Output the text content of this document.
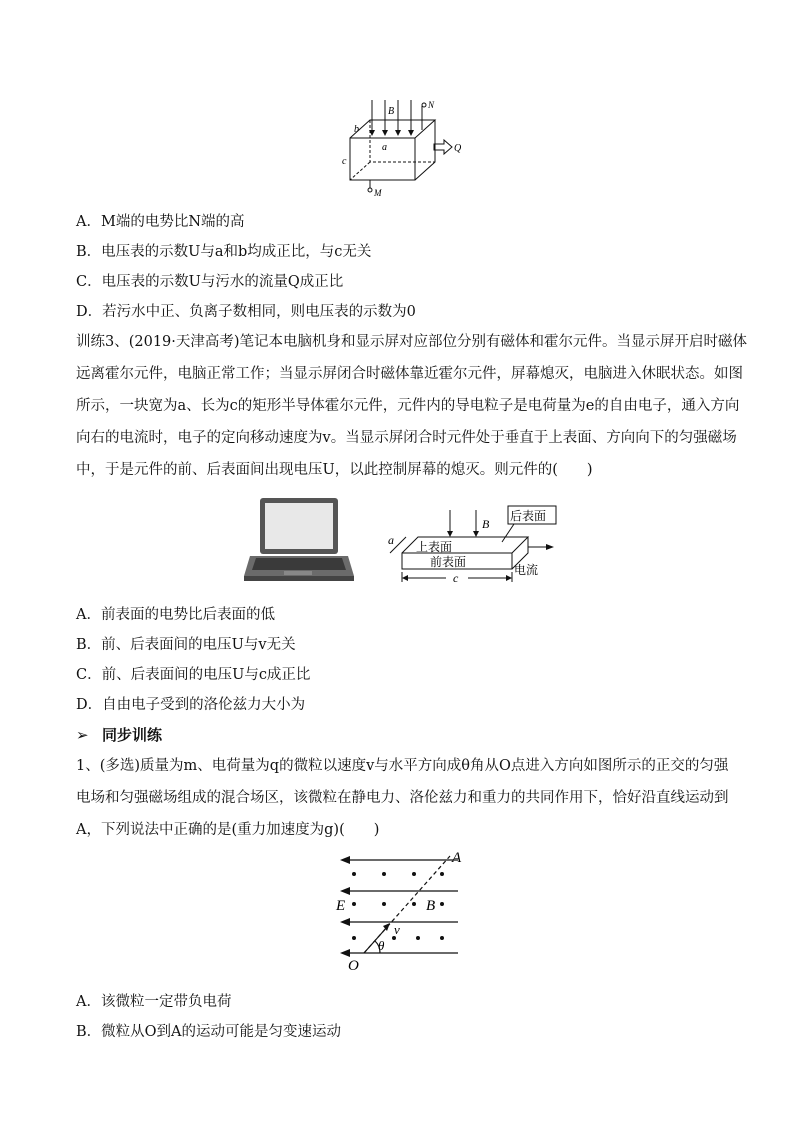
B
N
b
a	Q
c
M
A．M端的电势比N端的高
B．电压表的示数U与a和b均成正比，与c无关
C．电压表的示数U与污水的流量Q成正比
D．若污水中正、负离子数相同，则电压表的示数为0
训练3、(2019·天津高考)笔记本电脑机身和显示屏对应部位分别有磁体和霍尔元件。当显示屏开启时磁体
远离霍尔元件，电脑正常工作；当显示屏闭合时磁体靠近霍尔元件，屏幕熄灭，电脑进入休眠状态。如图
所示，一块宽为a、长为c的矩形半导体霍尔元件，元件内的导电粒子是电荷量为e的自由电子，通入方向
向右的电流时，电子的定向移动速度为v。当显示屏闭合时元件处于垂直于上表面、方向向下的匀强磁场
中，于是元件的前、后表面间出现电压U，以此控制屏幕的熄灭。则元件的(　　)
后表面
B
上表面
前表面
电流
a
c
A．前表面的电势比后表面的低
B．前、后表面间的电压U与v无关
C．前、后表面间的电压U与c成正比
D．自由电子受到的洛伦兹力大小为
➢ 同步训练
1、(多选)质量为m、电荷量为q的微粒以速度v与水平方向成θ角从O点进入方向如图所示的正交的匀强
电场和匀强磁场组成的混合场区，该微粒在静电力、洛伦兹力和重力的共同作用下，恰好沿直线运动到
A，下列说法中正确的是(重力加速度为g)(　　)
A
E	B
v
θ
O
A．该微粒一定带负电荷
B．微粒从O到A的运动可能是匀变速运动
